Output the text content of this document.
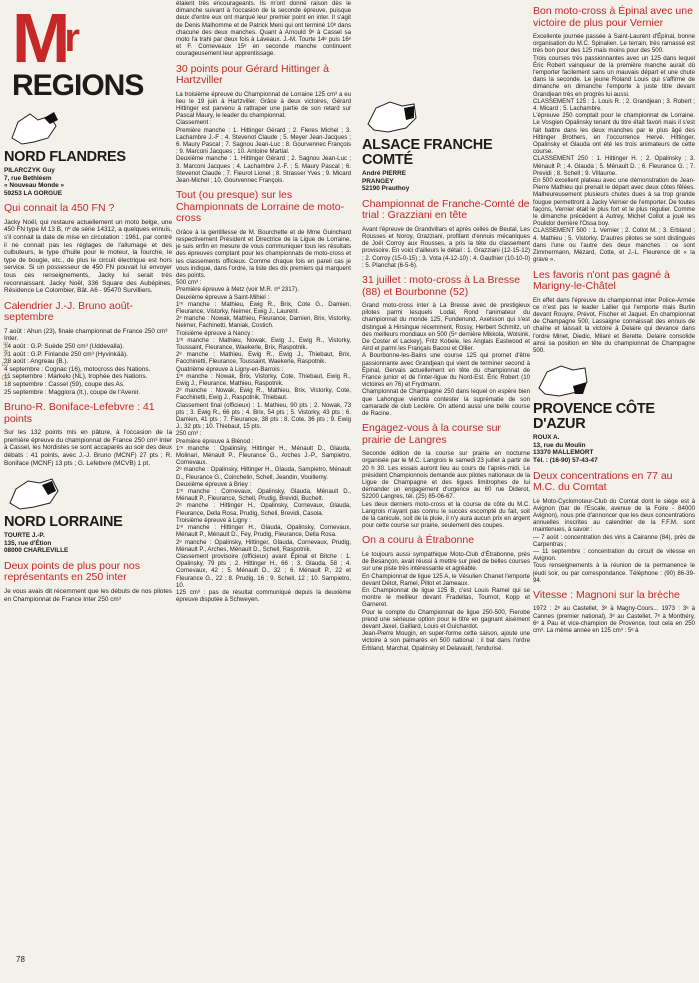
$M^r$
REGIONS
NORD FLANDRES
PILARCZYK Guy
7, rue Bethléem
« Nouveau Monde »
59253 LA GORGUE
Qui connait la 450 FN ?

Jacky Noël, qui restaure actuellement un moto belge, une 450 FN type M 13 B, nº de série 14312, a quelques ennuis, s'il connait la date de mise en circulation : 1961, par contre il ne connait pas les réglages de l'allumage et des culbuteurs, le type d'huile pour le moteur, la fourche, le type de bougie, etc., de plus le circuit électrique est hors service. Si un possesseur de 450 FN pouvait lui envoyer tous ces renseignements, Jacky lui serait très reconnaissant. Jacky Noël, 336 Square des Aubépines, Résidence Le Colombier, Bât. A6 - 95470 Survilliers.

Calendrier J.-J. Bruno août-septembre

7 août : Ahun (23), finale championnat de France 250 cm³ Inter.
14 août : G.P. Suède 250 cm³ (Uddevalla).
21 août : G.P. Finlande 250 cm³ (Hyvinkää).
28 août : Angreau (B.).
4 septembre : Cognac (16), motocross des Nations.
11 septembre : Markelo (NL), trophée des Nations.
18 septembre : Cassel (59), coupe des As.
25 septembre : Maggiora (It.), coupe de l'Avenir.

Bruno-R. Boniface-Lefebvre : 41 points

Sur les 132 points mis en pâture, à l'occasion de la première épreuve du championnat de France 250 cm³ Inter à Cassel, les Nordistes se sont accaparés au soir des deux débats : 41 points, avec J.-J. Bruno (MCNF) 27 pts ; R. Boniface (MCNF) 13 pts ; G. Lefebvre (MCVB) 1 pt.

NORD LORRAINE
TOURTE J.-P.
135, rue d'Étion
08000 CHARLEVILLE
Deux points de plus pour nos représentants en 250 inter

Je vous avais dit récemment que les débuts de nos pilotes en Championnat de France Inter 250 cm³

R. Bruno
78

étaient très encourageants. Ils m'ont donné raison dès le dimanche suivant à l'occasion de la seconde épreuve, puisque deux d'entre eux ont marqué leur premier point en inter. Il s'agit de Denis Malhomme et de Patrick Meni qui ont terminé 10ᵉ dans chacune des deux manches. Quant à Arnould 9ᵉ à Cassel sa moto l'a trahi par deux fois à Laveaux. J.-M. Tourte 14ᵉ puis 16ᵉ et F. Corneveaux 15ᵉ en seconde manche continuent courageusement leur apprentissage.

30 points pour Gérard Hittinger à Hartzviller

La troisième épreuve du Championnat de Lorraine 125 cm³ a eu lieu le 19 juin à Hartzviller. Grâce à deux victoires, Gérard Hittinger est parvenu à rattraper une partie de son retard sur Pascal Maury, le leader du championnat.
Classement :
Première manche : 1. Hittinger Gérard ; 2. Fleres Michel ; 3. Lachambre J.-F ; 4. Stevenot Claude ; 5. Meyer Jean-Jacques ; 6. Maury Pascal ; 7. Sagnou Jean-Luc ; 8. Gourvennec François ; 9. Marconi Jacques ; 10. Antoine Martial.
Deuxième manche : 1. Hittinger Gérard ; 2. Sagnou Jean-Luc ; 3. Marconi Jacques ; 4. Lachambre J.-F. ; 5. Maury Pascal ; 6. Stevenot Claude ; 7. Fleurot Lionel ; 8. Strasser Yves ; 9. Micard Jean-Michel ; 10. Gourvennec François.

Tout (ou presque) sur les Championnats de Lorraine de moto-cross

Grâce à la gentillesse de M. Bourchette et de Mme Guinchard respectivement Président et Directrice de la Ligue de Lorraine, je suis enfin en mesure de vous communiquer tous les résultats des épreuves comptant pour les championnats de moto-cross et les classements officieux. Comme chaque fois en pareil cas je vous indique, dans l'ordre, la liste des dix premiers qui marquent des points.
500 cm³ :
Première épreuve à Metz (voir M.R. nº 2317).
Deuxième épreuve à Saint-Mihiel :
1ʳᵉ manche : Mathieu, Ewig R., Brix, Cote G., Damien, Fleurance, Vistorky, Neimer, Ewig J., Laurent.
2ᵉ manche : Nowak, Mathieu, Fleurance, Damien, Brix, Vistorky, Neimer, Fachinetti, Maniak, Costich.
Troisième épreuve à Nancy :
1ʳᵉ manche : Mathieu, Nowak, Ewig J., Ewig R., Vistorky, Toussaint, Fleurance, Waekerle, Brix, Raspotnik.
2ᵉ manche : Mathieu, Ewig R., Ewig J., Thiebaut, Brix, Facchinetti, Fleurance, Toussaint, Waekerle, Raspotnik.
Quatrième épreuve à Ligny-en-Barrois :
1ʳᵉ manche : Nowak, Brix, Vistorky, Cote, Thiebaut, Ewig R., Ewig J., Fleurance, Mathieu, Raspotnik.
2ᵉ manche : Nowak, Ewig R., Mathieu, Brix, Vistorky, Cote, Facchinetti, Ewig J., Raspotnik, Thiebaut.
Classement final (officieux) : 1. Mathieu, 90 pts ; 2. Nowak, 73 pts ; 3. Ewig R., 66 pts ; 4. Brix, 54 pts ; 5. Vistorky, 43 pts ; 6. Damien, 41 pts ; 7. Fleurance, 38 pts ; 8. Cote, 36 pts ; 9. Ewig J., 32 pts ; 10. Thiebaut, 15 pts.
250 cm³ :
Première épreuve à Blénod :
1ʳᵉ manche : Opalinsky, Hittinger H., Ménault D., Glauda, Molinari, Ménault P., Fleurance G., Arches J.-P., Sampietro, Cornevaux.
2ᵉ manche : Opalinsky, Hittinger H., Glauda, Sampietro, Ménault D., Fleurance G., Coinchelin, Schell, Jeandin, Vouillemy.
Deuxième épreuve à Briey :
1ʳᵉ manche : Cornevaux, Opalinsky, Glauda, Ménault D., Ménault P., Fleurance, Schell, Prudig, Brevidi, Buchelt.
2ᵉ manche : Hittinger H., Opalinsky, Cornevaux, Glauda, Fleurance, Della Rosa, Prudig, Schell, Brevidi, Casola.
Troisième épreuve à Ligny :
1ʳᵉ manche : Hittinger H., Glauda, Opalinsky, Cornevaux, Ménault P., Ménault D., Fey, Prudig, Fleurance, Della Rosa.
2ᵉ manche : Opalinsky, Hittinger, Glauda, Cornevaux, Prudig, Ménault P., Arches, Ménault D., Schell, Raspotnik.
Classement provisoire (officieux) avant Épinal et Bitche : 1. Opalinsky, 79 pts ; 2. Hittinger H., 66 ; 3. Glauda, 58 ; 4. Cornevaux, 42 ; 5. Ménault D., 32 ; 6. Ménault P., 22 et Fleurance G., 22 ; 8. Prudig, 16 ; 9. Schell, 12 ; 10. Sampietro, 10.
125 cm³ : pas de résultat communiqué depuis la deuxième épreuve disputée à Schweyen.

ALSACE FRANCHE COMTÉ
André PIERRE
PRANGEY
52190 Prauthoy
Championnat de Franche-Comté de trial : Grazziani en tête

Avant l'épreuve de Grandvillars et après celles de Beutal, Les Rousses et Noroy, Grazziani, profitant d'ennuis mécaniques de Joël Corroy aux Rousses, a pris la tête du classement provisoire. En voici d'ailleurs le détail : 1. Grazziani (12-15-12) ; 2. Corroy (15-0-15) ; 3. Vota (4-12-10) ; 4. Gauthier (10-10-0) ; 5. Planchat (6-5-6).

31 juillet : moto-cross à La Bresse (88) et Bourbonne (52)

Grand moto-cross inter à La Bresse avec de prestigieux pilotes parmi lesquels Lodal, Rond l'animateur du championnat du monde 125, Fundenund, Axelsson qui s'est distingué à Hirsingue récemment, Rossy, Herbert Schmitz, un des meilleurs mondiaux en 500 (5ᵉ dernière Mikkola, Wolsink, De Coster et Lackey), Fritz Kobele, les Anglais Eastwood et Aird et parmi les Français Bacou et Ollier.
A Bourbonne-les-Bains une course 125 qui promet d'être passionnante avec Grandjean qui vient de terminer second à Épinal, Gervais actuellement en tête du championnat de France junior et de l'inter-ligue du Nord-Est. Éric Robert (10 victoires en 76) et Frydmann.
Championnat de Champagne 250 dans lequel on espère bien que Lahongue viendra contester la suprématie de son camarade de club Leclère. On attend aussi une belle course de Racine.

Engagez-vous à la course sur prairie de Langres

Seconde édition de la course sur prairie en nocturne organisée par le M.C. Langrois le samedi 23 juillet à partir de 20 h 30. Les essais auront lieu au cours de l'après-midi. Le président Championnois demande aux pilotes nationaux de la Ligue de Champagne et des ligues limitrophes de lui demander un engagement d'urgence au 60 rue Diderot, 52200 Langres, tél. (25) 85-06-67.
Les deux derniers moto-cross et la course de côte du M.C. Langrois n'ayant pas connu le succès escompté du fait, soit de la canicule, soit de la pluie, il n'y aura aucun prix en argent pour cette course sur prairie, seulement des coupes.

On a couru à Étrabonne

Le toujours aussi sympathique Moto-Club d'Étrabonne, près de Besançon, avait réussi à mettre sur pied de belles courses sur une piste très intéressante et agréable.
En Championnat de ligue 125 A, le Vésulien Chanet l'emporte devant Détot, Ramel, Pillot et Jameaux.
En Championnat de ligue 125 B, c'est Louis Ramel qui se montre le meilleur devant Fradellas, Tournot, Kopp et Garneret.
Pour le compte du Championnat de ligue 250-500, Fierobe prend une sérieuse option pour le titre en gagnant aisément devant Jaxel, Gaillard, Louis et Guichardot.
Jean-Pierre Mougin, en super-forme cette saison, ajoute une victoire à son palmarès en 500 national : il bat dans l'ordre Erbland, Marchal, Opalinsky et Delavault, l'endurisé.

Bon moto-cross à Épinal avec une victoire de plus pour Vernier

Excellente journée passée à Saint-Laurent d'Épinal, bonne organisation du M.C. Spinalien. Le terrain, très ramassé est très bon pour des 125 mais moins pour des 500.
Trois courses très passionnantes avec un 125 dans lequel Éric Robert vainqueur de la première manche aurait dû l'emporter facilement sans un mauvais départ et une chute dans la seconde. Le jeune Roland Louis qui s'affirme de dimanche en dimanche l'emporte à juste titre devant Grandjean très en progrès lui aussi.
CLASSEMENT 125 : 1. Louis R. ; 2. Grandjean ; 3. Robert ; 4. Micard ; 5. Lachambre.
L'épreuve 250 comptait pour le championnat de Lorraine. Le Vosgien Opalinsky tenant du titre était favori mais il s'est fait battre dans les deux manches par le plus âgé des Hittinger Brothers, en l'occurrence Hervé. Hittinger, Opalinsky et Glauda ont été les trois animateurs de cette course.
CLASSEMENT 250 : 1. Hittinger H. ; 2. Opalinsky ; 3. Ménault P. ; 4. Glauda ; 5. Ménault D. ; 6. Fleurance G. ; 7. Previdi ; 8. Schell ; 9. Villaume.
En 500 excellent plateau avec une démonstration de Jean-Pierre Mathieu qui prenait le départ avec deux côtes fêlées. Malheureusement plusieurs chutes dues à sa trop grande fougue permettront à Jacky Vernier de l'emporter. De toutes façons, Vernier était le plus fort et le plus régulier. Comme le dimanche précédent à Autrey, Michel Collot a joué les Poulidor derrière l'Ossa boy.
CLASSEMENT 500 : 1. Vernier ; 2. Collot M. ; 3. Erbland ; 4. Mathieu ; 5. Vistorky. D'autres pilotes se sont distingués dans l'une ou l'autre des deux manches : ce sont Zimmermann, Mézard, Cotte, et J.-L. Fleurence dit « la grave ».

Les favoris n'ont pas gagné à Marigny-le-Châtel

En effet dans l'épreuve du championnat inter Police-Armée ce n'est pas le leader Lallier qui l'emporte mais Burtin devant Rouyre, Prévot, Fischer et Jaquet. En championnat de Champagne 500, Lassaigne connaissait des ennuis de chaîne et laissait la victoire à Delaire qui devance dans l'ordre Minet, Diedic, Milani et Berette. Delaire consolide ainsi sa position en tête du championnat de Champagne 500.

PROVENCE CÔTE D'AZUR
ROUX A.
13, rue du Moulin
13370 MALLEMORT
Tél. : (16-90) 57-43-47
Deux concentrations en 77 au M.C. du Comtat

Le Moto-Cyclomoteur-Club du Comtat dont le siège est à Avignon (bar de l'Escale, avenue de la Foire - 84000 Avignon), nous prie d'annoncer que les deux concentrations annuelles inscrites au calendrier de la F.F.M. sont maintenues, à savoir :
— 7 août : concentration des vins à Cairanne (84), près de Carpentras ;
— 11 septembre : concentration du circuit de vitesse en Avignon.
Tous renseignements à la réunion de la permanence le jeudi soir, ou par correspondance. Téléphone : (90) 86-39-94.

Vitesse : Magnoni sur la brèche

1972 : 2ᵉ au Castellet, 3ᵉ à Magny-Cours... 1973 : 3ᵉ à Cannes (premier national), 3ᵉ au Castellet, 7ᵉ à Monthéry, 6ᵉ à Pau et vice-champion de Provence, tout cela en 250 cm³. La même année en 125 cm³ : 5ᵉ à
